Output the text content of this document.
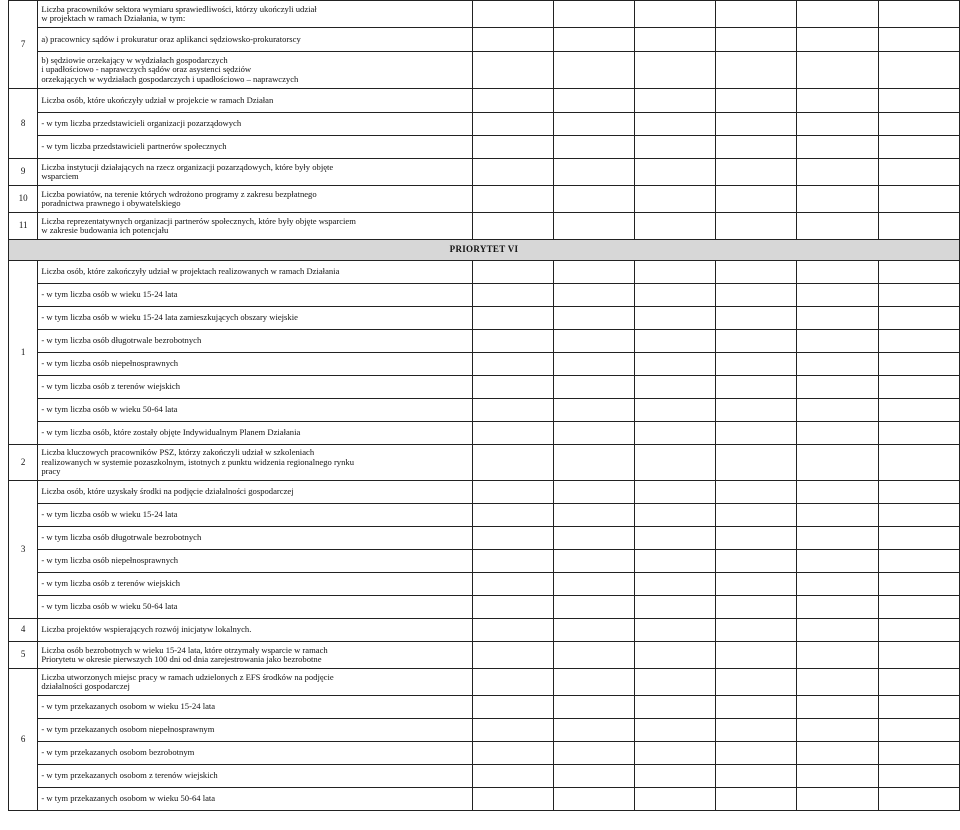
7	Liczba pracowników sektora wymiaru sprawiedliwości, którzy ukończyli udział
w projektach w ramach Działania, w tym:						
	a) pracownicy sądów i prokuratur oraz aplikanci sędziowsko-prokuratorscy						
	b) sędziowie orzekający w wydziałach gospodarczych
i upadłościowo - naprawczych sądów oraz asystenci sędziów
orzekających w wydziałach gospodarczych i upadłościowo – naprawczych						
8	Liczba osób, które ukończyły udział w projekcie w ramach Działan						
	- w tym liczba przedstawicieli organizacji pozarządowych						
	- w tym liczba przedstawicieli partnerów społecznych						
9	Liczba instytucji działających na rzecz organizacji pozarządowych, które były objęte
wsparciem						
10	Liczba powiatów, na terenie których wdrożono programy z zakresu bezpłatnego
poradnictwa prawnego i obywatelskiego						
11	Liczba reprezentatywnych organizacji partnerów społecznych, które były objęte wsparciem
w zakresie budowania ich potencjału						
PRIORYTET VI							
1	Liczba osób, które zakończyły udział w projektach realizowanych w ramach Działania						
	- w tym liczba osób w wieku 15-24 lata						
	- w tym liczba osób w wieku 15-24 lata zamieszkujących obszary wiejskie						
	- w tym liczba osób długotrwale bezrobotnych						
	- w tym liczba osób niepełnosprawnych						
	- w tym liczba osób z terenów wiejskich						
	- w tym liczba osób w wieku 50-64 lata						
	- w tym liczba osób, które zostały objęte Indywidualnym Planem Działania						
2	Liczba kluczowych pracowników PSZ, którzy zakończyli udział w szkoleniach
realizowanych w systemie pozaszkolnym, istotnych z punktu widzenia regionalnego rynku
pracy						
3	Liczba osób, które uzyskały środki na podjęcie działalności gospodarczej						
	- w tym liczba osób w wieku 15-24 lata						
	- w tym liczba osób długotrwale bezrobotnych						
	- w tym liczba osób niepełnosprawnych						
	- w tym liczba osób z terenów wiejskich						
	- w tym liczba osób w wieku 50-64 lata						
4	Liczba projektów wspierających rozwój inicjatyw lokalnych.						
5	Liczba osób bezrobotnych w wieku 15-24 lata, które otrzymały wsparcie w ramach
Priorytetu w okresie pierwszych 100 dni od dnia zarejestrowania jako bezrobotne						
6	Liczba utworzonych miejsc pracy w ramach udzielonych z EFS środków na podjęcie
działalności gospodarczej						
	- w tym przekazanych osobom w wieku 15-24 lata						
	- w tym przekazanych osobom niepełnosprawnym						
	- w tym przekazanych osobom bezrobotnym						
	- w tym przekazanych osobom z terenów wiejskich						
	- w tym przekazanych osobom w wieku 50-64 lata						
